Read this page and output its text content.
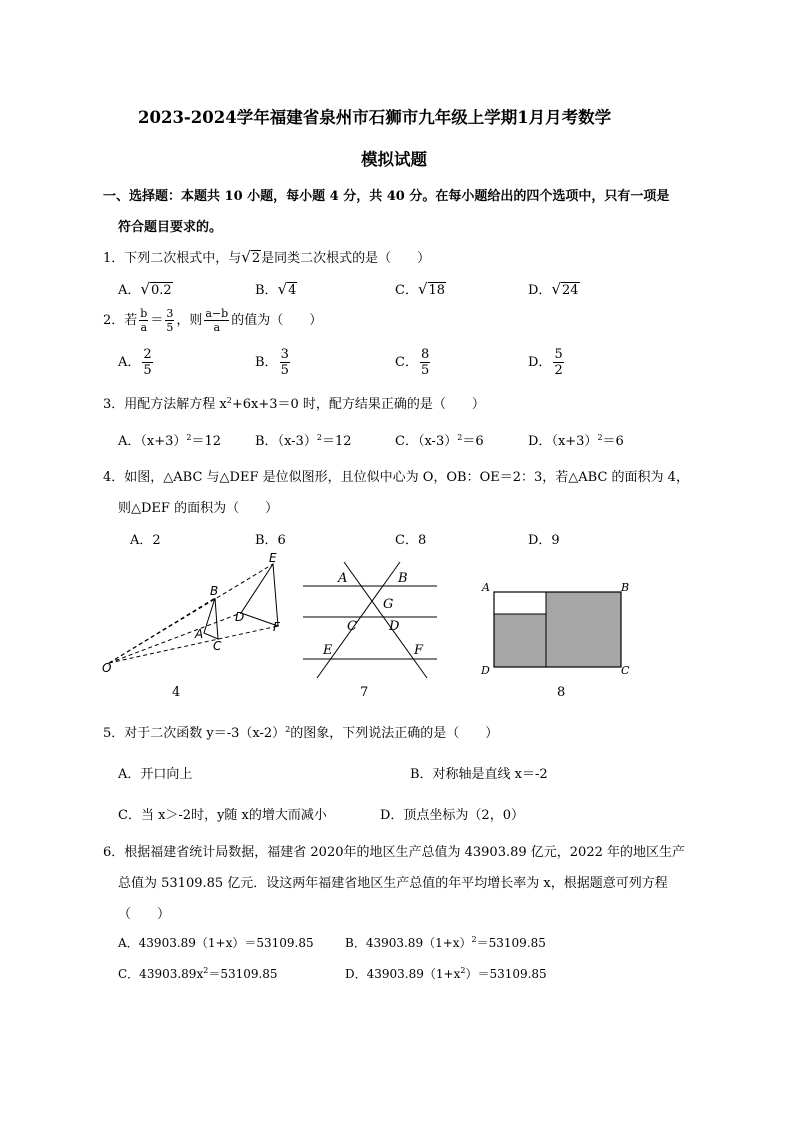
2023-2024学年福建省泉州市石狮市九年级上学期1月月考数学
模拟试题
一、选择题：本题共 10 小题，每小题 4 分，共 40 分。在每小题给出的四个选项中，只有一项是
符合题目要求的。
1．下列二次根式中，与√2是同类二次根式的是（　　）
A．√0.2	B．√4	C．√18	D．√24
2．若 $\frac{b}{a} = \frac{3}{5}$ ，则 $\frac{a-b}{a}$ 的值为（　　）
A． $\frac{2}{5}$	B． $\frac{3}{5}$	C． $\frac{8}{5}$	D． $\frac{5}{2}$
3．用配方法解方程 $x^2+6x+3=0$ 时，配方结果正确的是（　　）
A．$(x+3)^2=12$	B．$(x-3)^2=12$	C．$(x-3)^2=6$	D．$(x+3)^2=6$
4．如图，△ABC 与△DEF 是位似图形，且位似中心为 O，OB：OE＝2：3，若△ABC 的面积为 4，
则△DEF 的面积为（　　）
A．2	B．6	C．8	D．9
E
B
D
A
C
F
O
4
A	B
G
C D
E	F
7
A	B
D	C
8
5．对于二次函数 $y=-3(x-2)^2$的图象，下列说法正确的是（　　）
A．开口向上	B．对称轴是直线 x＝-2
C．当 x＞-2时，y随 x的增大而减小	D．顶点坐标为（2，0）
6．根据福建省统计局数据，福建省 2020年的地区生产总值为 43903.89 亿元，2022 年的地区生产
总值为 53109.85 亿元．设这两年福建省地区生产总值的年平均增长率为 x，根据题意可列方程
（　　）
A．43903.89（1+x）＝53109.85	B．$43903.89(1+x)^2=53109.85$
C．$43903.89x^2=53109.85$	D．$43903.89(1+x^2)=53109.85$
